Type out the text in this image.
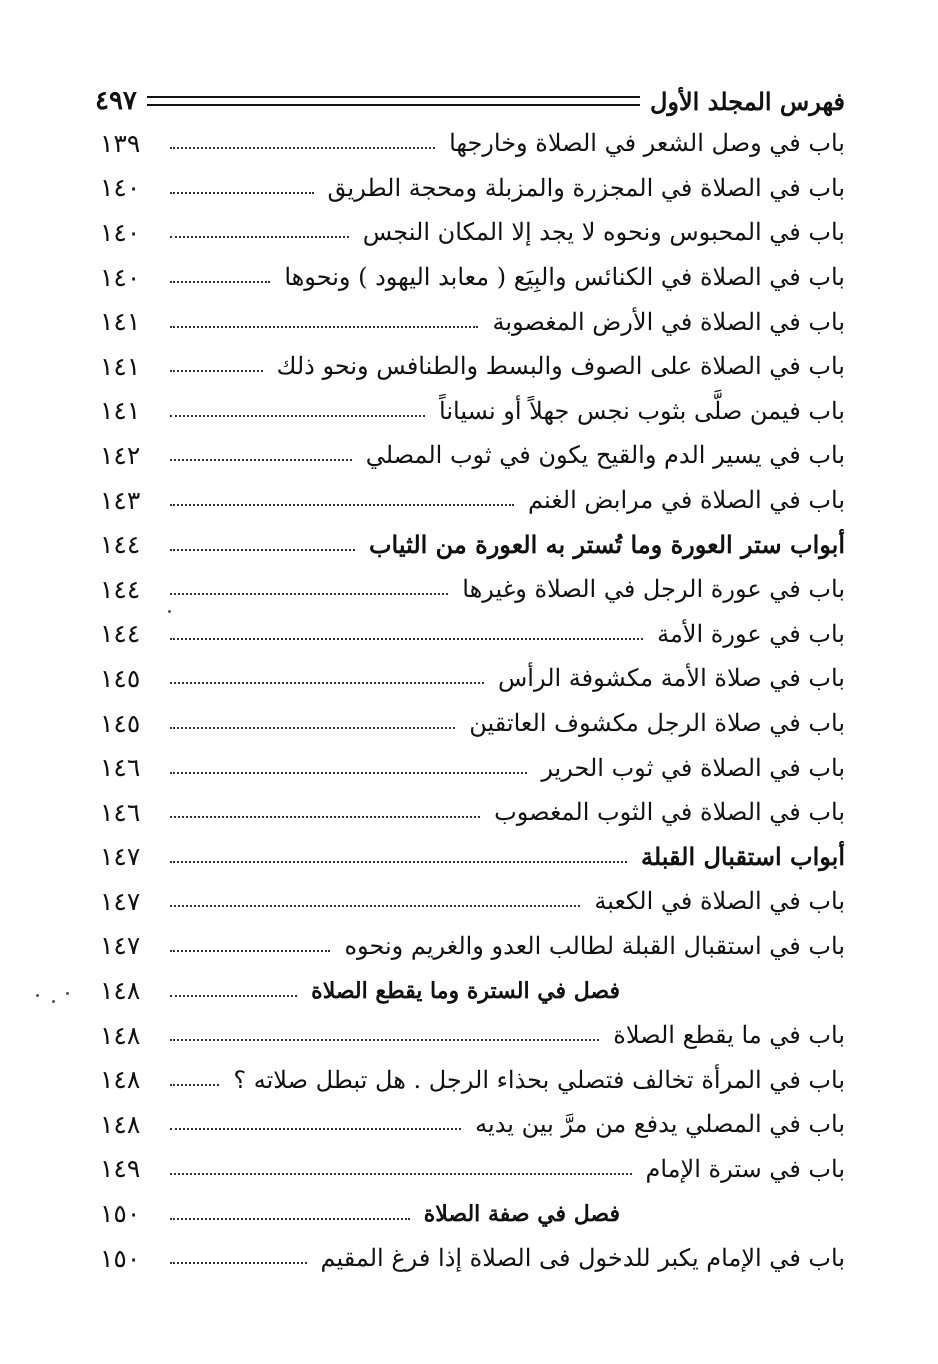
فهرس المجلد الأول
٤٩٧
باب في وصل الشعر في الصلاة وخارجها
١٣٩
باب في الصلاة في المجزرة والمزبلة ومحجة الطريق
١٤٠
باب في المحبوس ونحوه لا يجد إلا المكان النجس
١٤٠
باب في الصلاة في الكنائس والبِيَع ( معابد اليهود ) ونحوها
١٤٠
باب في الصلاة في الأرض المغصوبة
١٤١
باب في الصلاة على الصوف والبسط والطنافس ونحو ذلك
١٤١
باب فيمن صلَّى بثوب نجس جهلاً أو نسياناً
١٤١
باب في يسير الدم والقيح يكون في ثوب المصلي
١٤٢
باب في الصلاة في مرابض الغنم
١٤٣
أبواب ستر العورة وما تُستر به العورة من الثياب
١٤٤
باب في عورة الرجل في الصلاة وغيرها
١٤٤
باب في عورة الأمة
١٤٤
باب في صلاة الأمة مكشوفة الرأس
١٤٥
باب في صلاة الرجل مكشوف العاتقين
١٤٥
باب في الصلاة في ثوب الحرير
١٤٦
باب في الصلاة في الثوب المغصوب
١٤٦
أبواب استقبال القبلة
١٤٧
باب في الصلاة في الكعبة
١٤٧
باب في استقبال القبلة لطالب العدو والغريم ونحوه
١٤٧
فصل في السترة وما يقطع الصلاة
١٤٨
باب في ما يقطع الصلاة
١٤٨
باب في المرأة تخالف فتصلي بحذاء الرجل . هل تبطل صلاته ؟
١٤٨
باب في المصلي يدفع من مرَّ بين يديه
١٤٨
باب في سترة الإمام
١٤٩
فصل في صفة الصلاة
١٥٠
باب في الإمام يكبر للدخول فى الصلاة إذا فرغ المقيم
١٥٠
